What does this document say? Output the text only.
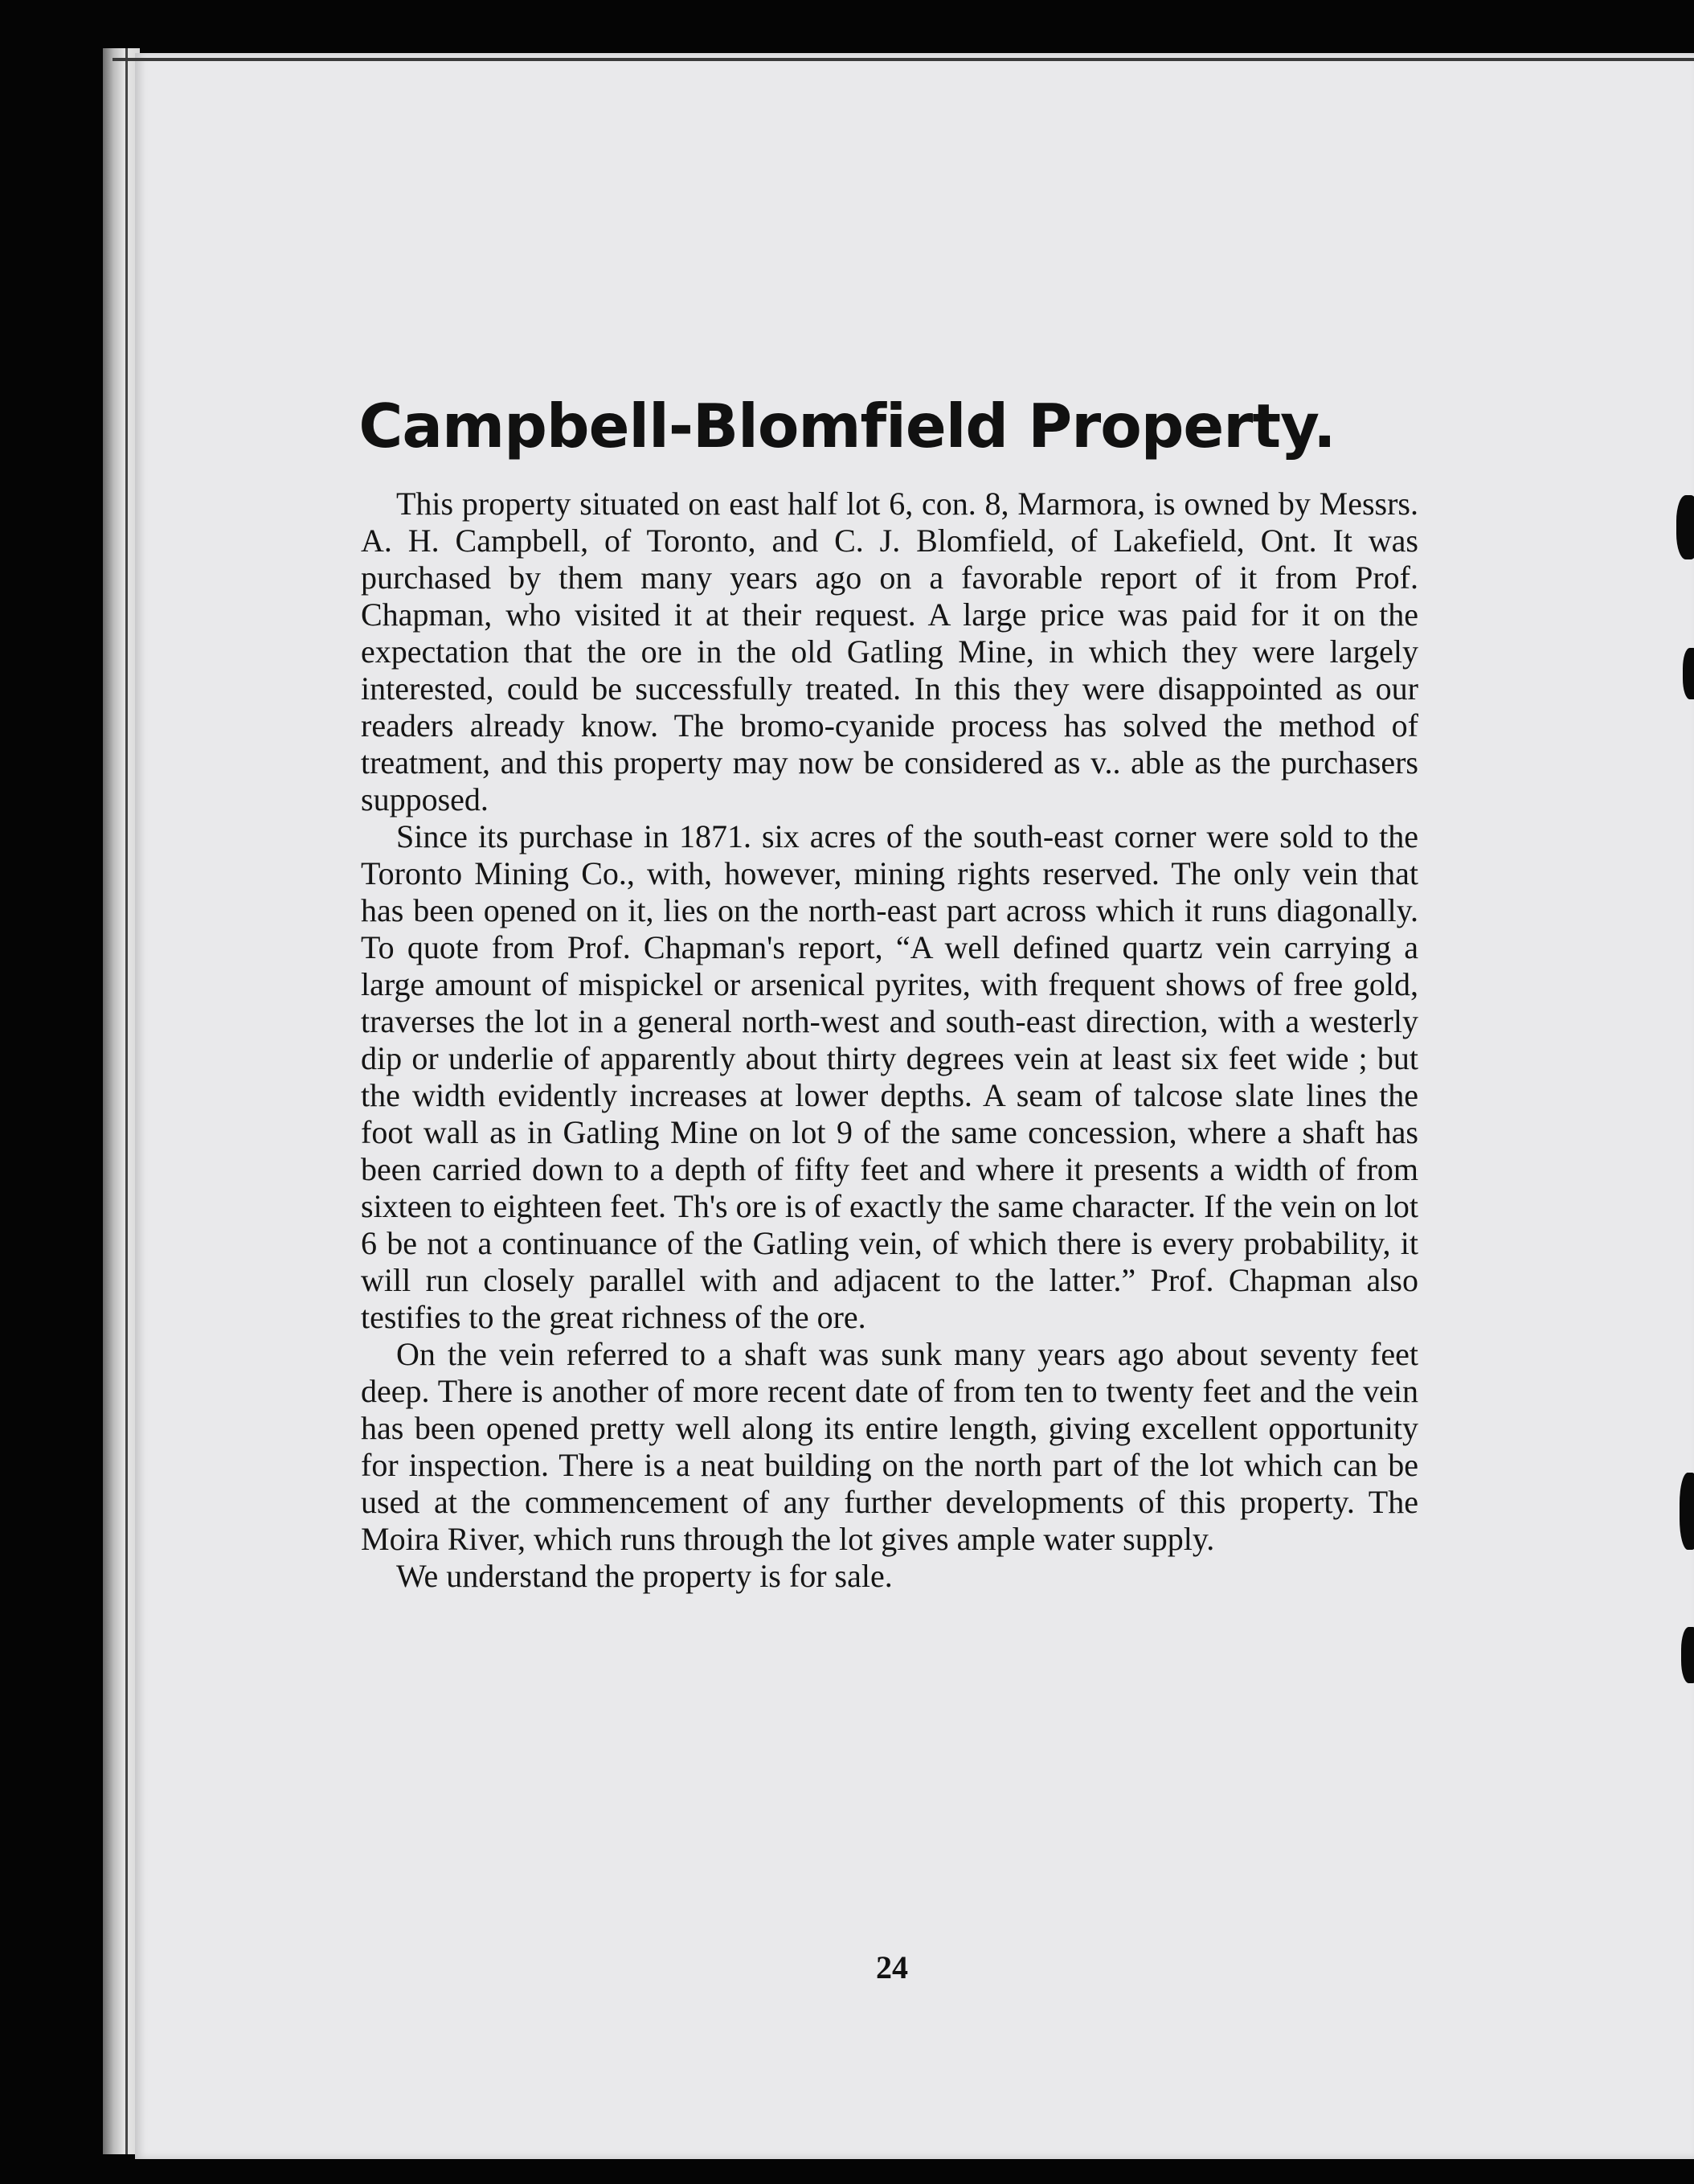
Campbell-Blomfield Property.

This property situated on east half lot 6, con. 8, Marmora, is owned by Messrs. A. H. Campbell, of Toronto, and C. J. Blomfield, of Lakefield, Ont. It was purchased by them many years ago on a favorable report of it from Prof. Chapman, who visited it at their request. A large price was paid for it on the expectation that the ore in the old Gatling Mine, in which they were largely interested, could be successfully treated. In this they were disappointed as our readers already know. The bromo-cyanide process has solved the method of treatment, and this property may now be considered as v.. able as the purchasers supposed.

Since its purchase in 1871. six acres of the south-east corner were sold to the Toronto Mining Co., with, however, mining rights reserved. The only vein that has been opened on it, lies on the north-east part across which it runs diagonally. To quote from Prof. Chapman's report, “A well defined quartz vein carrying a large amount of mispickel or arsenical pyrites, with frequent shows of free gold, traverses the lot in a general north-west and south-east direction, with a westerly dip or underlie of apparently about thirty degrees vein at least six feet wide ; but the width evidently increases at lower depths. A seam of talcose slate lines the foot wall as in Gatling Mine on lot 9 of the same concession, where a shaft has been carried down to a depth of fifty feet and where it presents a width of from sixteen to eighteen feet. Th's ore is of exactly the same character. If the vein on lot 6 be not a continuance of the Gatling vein, of which there is every probability, it will run closely parallel with and adjacent to the latter.” Prof. Chapman also testifies to the great richness of the ore.

On the vein referred to a shaft was sunk many years ago about seventy feet deep. There is another of more recent date of from ten to twenty feet and the vein has been opened pretty well along its entire length, giving excellent opportunity for inspection. There is a neat building on the north part of the lot which can be used at the commencement of any further developments of this property. The Moira River, which runs through the lot gives ample water supply.

We understand the property is for sale.

24
